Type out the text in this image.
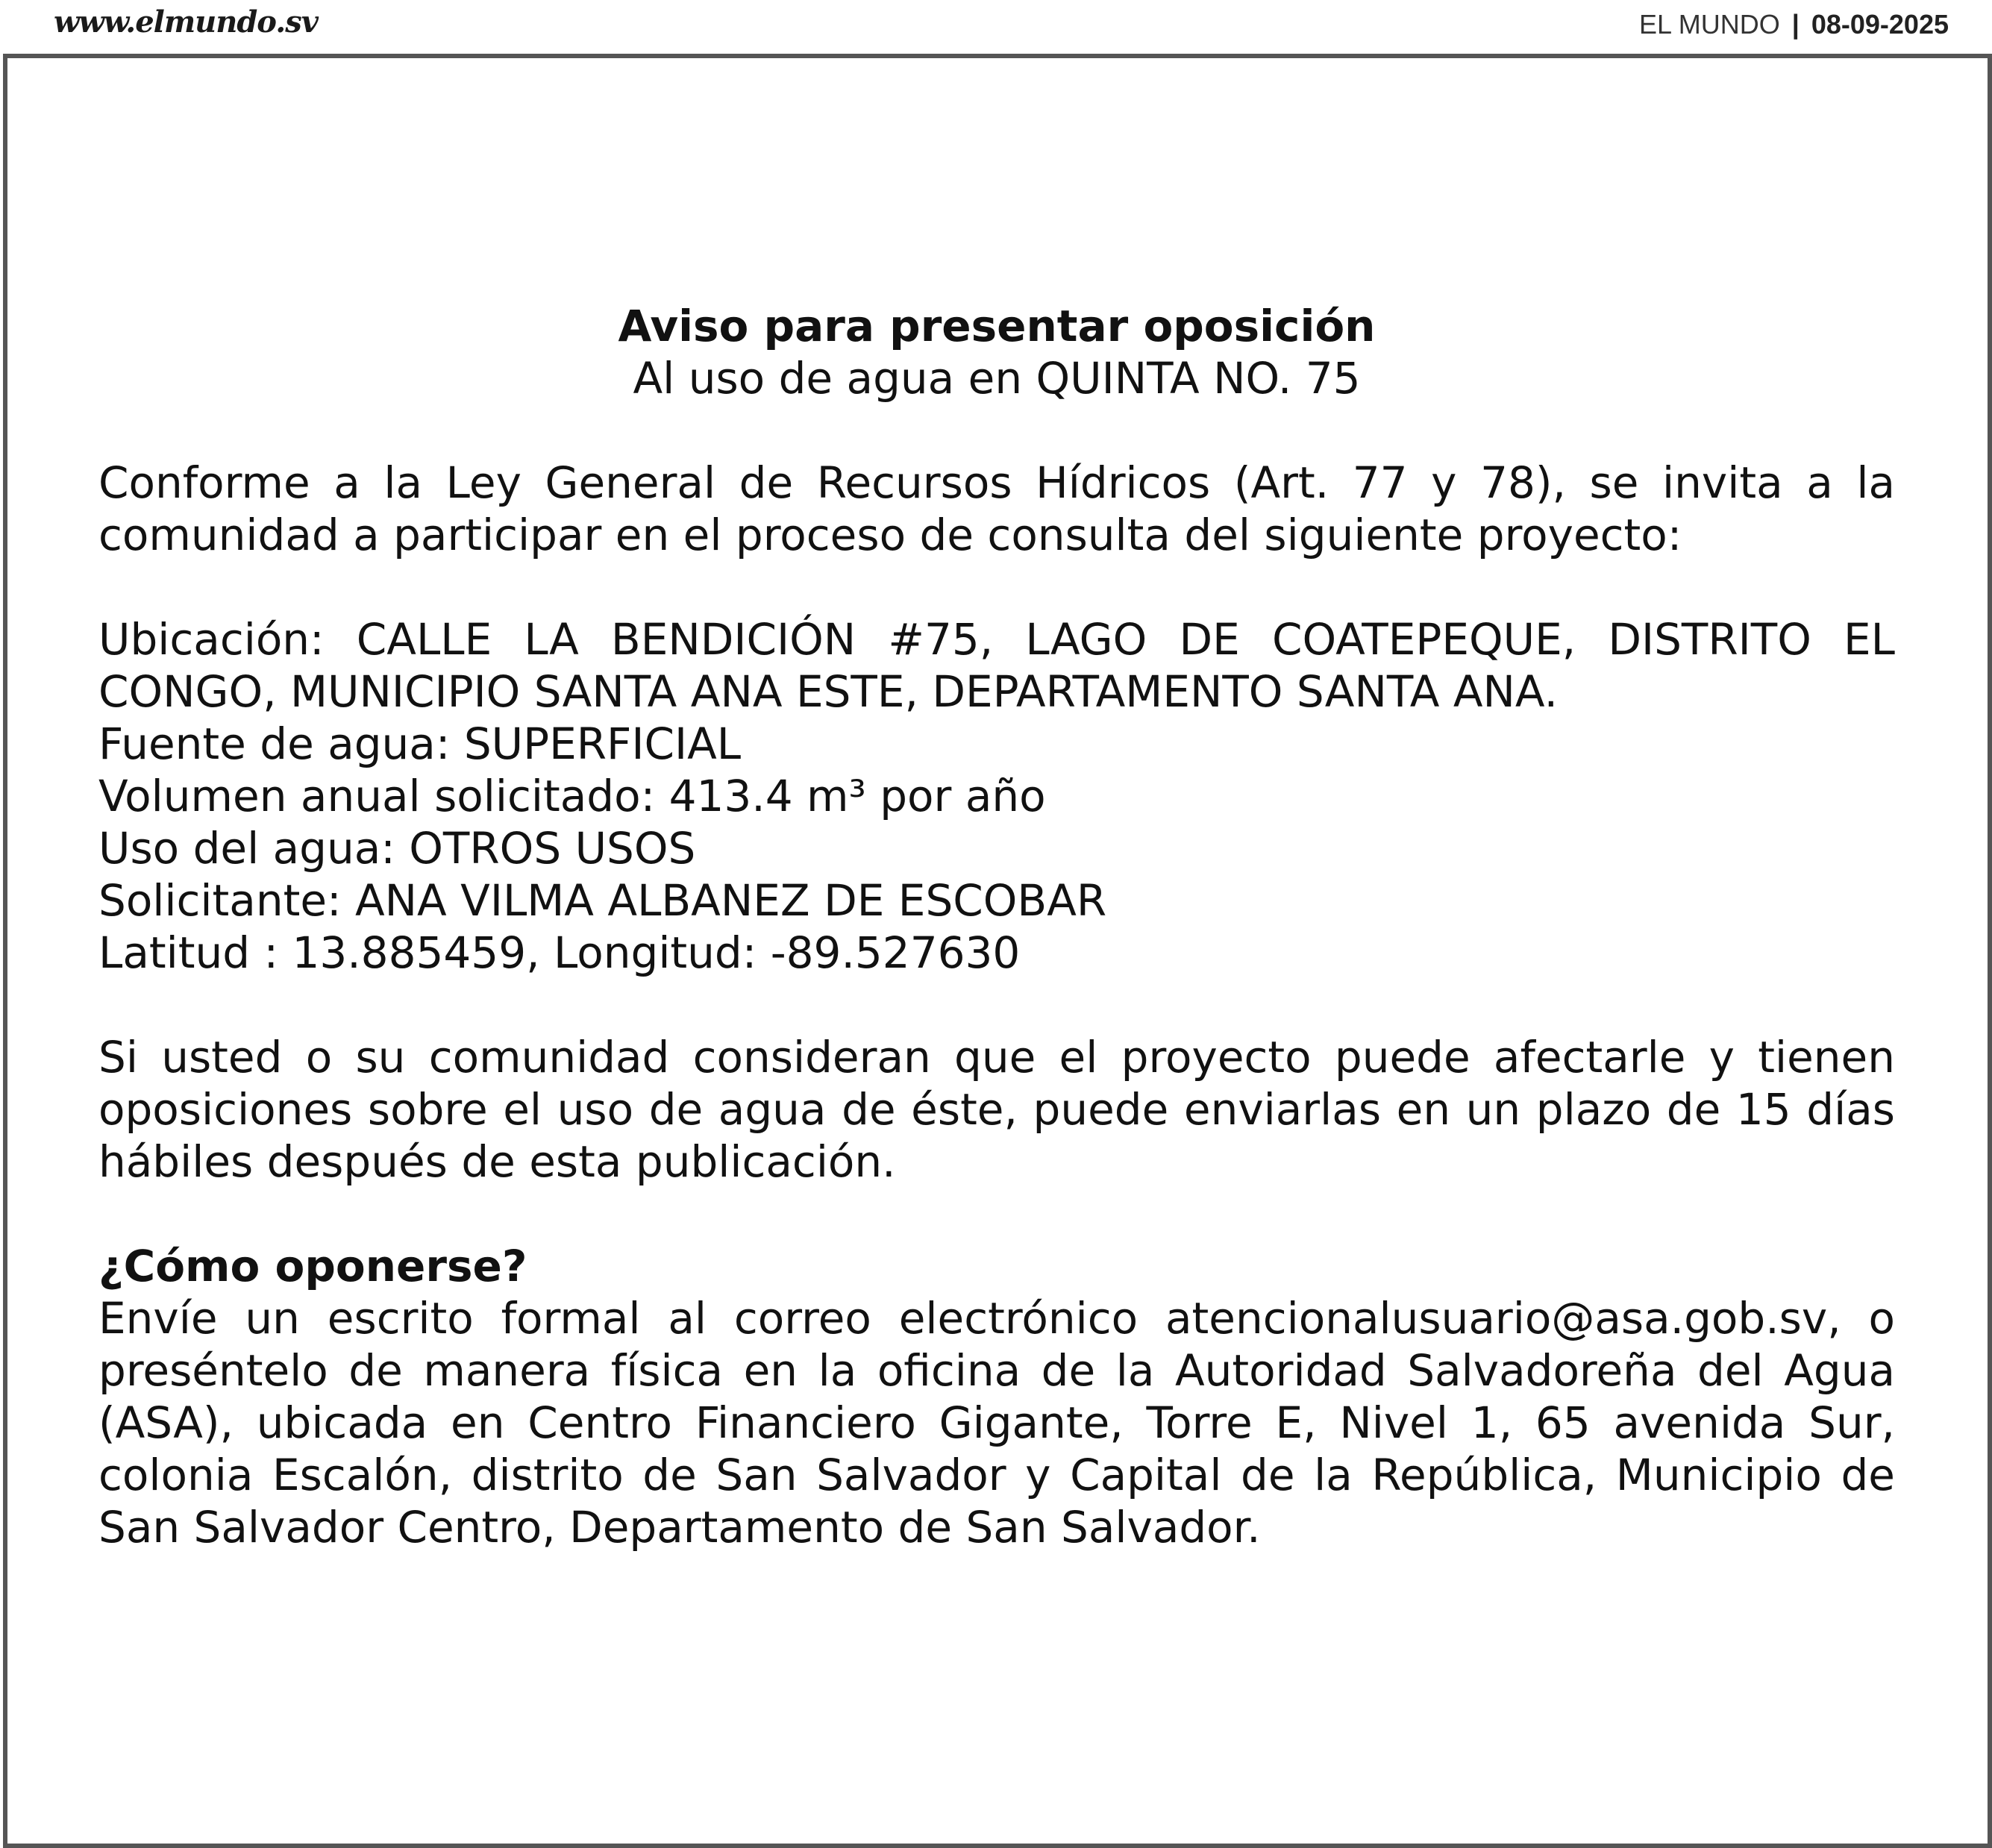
www.elmundo.sv	EL MUNDO | 08-09-2025
Aviso para presentar oposición
Al uso de agua en QUINTA NO. 75
Conforme a la Ley General de Recursos Hídricos (Art. 77 y 78), se invita a la comunidad a participar en el proceso de consulta del siguiente proyecto:
Ubicación: CALLE LA BENDICIÓN #75, LAGO DE COATEPEQUE, DISTRITO EL CONGO, MUNICIPIO SANTA ANA ESTE, DEPARTAMENTO SANTA ANA.
Fuente de agua: SUPERFICIAL
Volumen anual solicitado: 413.4 m³ por año
Uso del agua: OTROS USOS
Solicitante: ANA VILMA ALBANEZ DE ESCOBAR
Latitud : 13.885459, Longitud: -89.527630
Si usted o su comunidad consideran que el proyecto puede afectarle y tienen oposiciones sobre el uso de agua de éste, puede enviarlas en un plazo de 15 días hábiles después de esta publicación.
¿Cómo oponerse?
Envíe un escrito formal al correo electrónico atencionalusuario@asa.gob.sv, o preséntelo de manera física en la oficina de la Autoridad Salvadoreña del Agua (ASA), ubicada en Centro Financiero Gigante, Torre E, Nivel 1, 65 avenida Sur, colonia Escalón, distrito de San Salvador y Capital de la República, Municipio de San Salvador Centro, Departamento de San Salvador.
